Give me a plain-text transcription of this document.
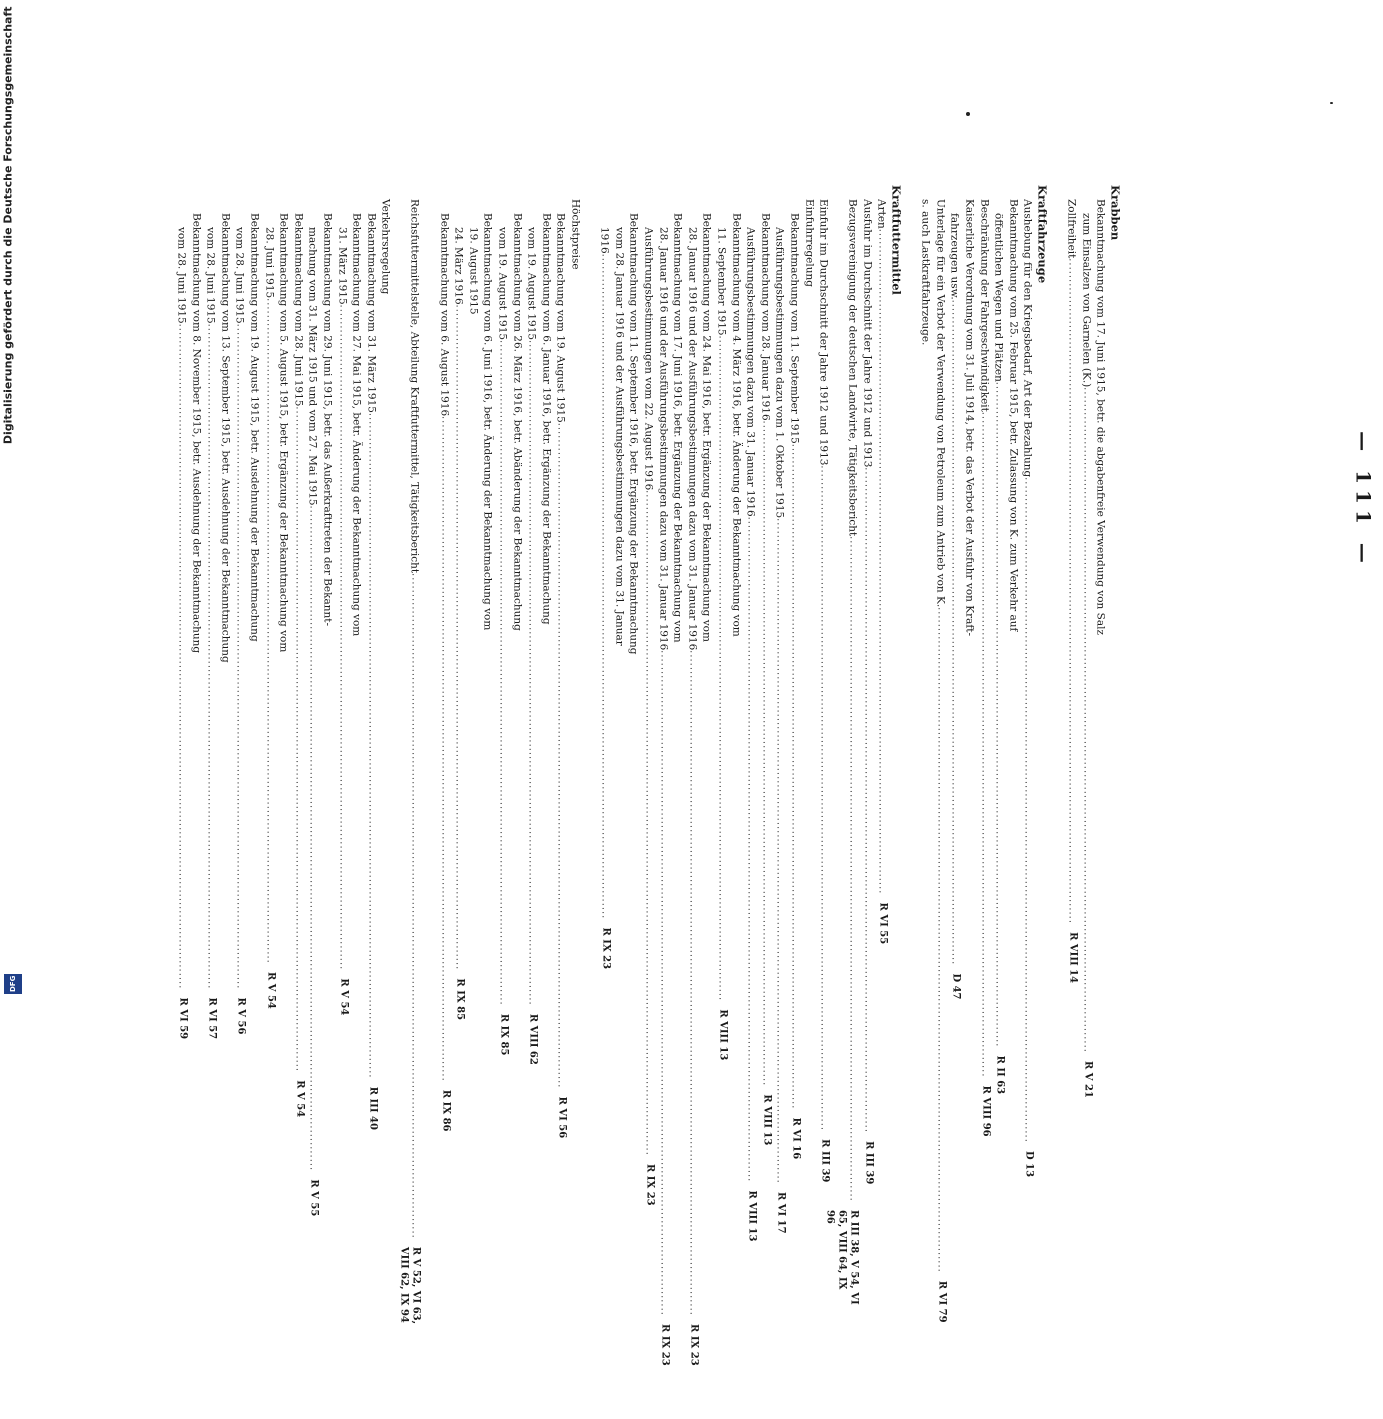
— 111 —
Krabben
Bekanntmachung vom 17. Juni 1915, betr. die abgabenfreie Verwendung von Salz
zum Einsalzen von Garnelen (K.)
................................................................................................................................................................
R V 21
Zollfreiheit
................................................................................................................................................................
R VIII 14
Kraftfahrzeuge
Aushebung für den Kriegsbedarf, Art der Bezahlung
................................................................................................................................................................
D 13
Bekanntmachung vom 25. Februar 1915, betr. Zulassung von K. zum Verkehr auf
öffentlichen Wegen und Plätzen
................................................................................................................................................................
R II 63
Beschränkung der Fahrgeschwindigkeit
................................................................................................................................................................
R VIII 96
Kaiserliche Verordnung vom 31. Juli 1914, betr. das Verbot der Ausfuhr von Kraft-
fahrzeugen usw.
................................................................................................................................................................
D 47
Unterlage für ein Verbot der Verwendung von Petroleum zum Antrieb von K.
................................................................................................................................................................
R VI 79
s. auch Lastkraftfahrzeuge.
Kraftfuttermittel
Arten
................................................................................................................................................................
R VI 55
Ausfuhr im Durchschnitt der Jahre 1912 und 1913
................................................................................................................................................................
R III 39
Bezugsvereinigung der deutschen Landwirte, Tätigkeitsbericht
................................................................................................................................................................
R III 38, V 54, VI 65, VIII 64, IX 96
Einfuhr im Durchschnitt der Jahre 1912 und 1913
................................................................................................................................................................
R III 39
Einfuhrregelung
Bekanntmachung vom 11. September 1915
................................................................................................................................................................
R VI 16
Ausführungsbestimmungen dazu vom 1. Oktober 1915
................................................................................................................................................................
R VI 17
Bekanntmachung vom 28. Januar 1916
................................................................................................................................................................
R VIII 13
Ausführungsbestimmungen dazu vom 31. Januar 1916
................................................................................................................................................................
R VIII 13
Bekanntmachung vom 4. März 1916, betr. Änderung der Bekanntmachung vom
11. September 1915
................................................................................................................................................................
R VIII 13
Bekanntmachung vom 24. Mai 1916, betr. Ergänzung der Bekanntmachung vom
28. Januar 1916 und der Ausführungsbestimmungen dazu vom 31. Januar 1916
................................................................................................................................................................
R IX 23
Bekanntmachung vom 17. Juni 1916, betr. Ergänzung der Bekanntmachung vom
28. Januar 1916 und der Ausführungsbestimmungen dazu vom 31. Januar 1916
................................................................................................................................................................
R IX 23
Ausführungsbestimmungen vom 22. August 1916
................................................................................................................................................................
R IX 23
Bekanntmachung vom 11. September 1916, betr. Ergänzung der Bekanntmachung
vom 28. Januar 1916 und der Ausführungsbestimmungen dazu vom 31. Januar
1916
................................................................................................................................................................
R IX 23
Höchstpreise
Bekanntmachung vom 19. August 1915
................................................................................................................................................................
R VI 56
Bekanntmachung vom 6. Januar 1916, betr. Ergänzung der Bekanntmachung
vom 19. August 1915
................................................................................................................................................................
R VIII 62
Bekanntmachung vom 26. März 1916, betr. Abänderung der Bekanntmachung
vom 19. August 1915
................................................................................................................................................................
R IX 85
Bekanntmachung vom 6. Juni 1916, betr. Änderung der Bekanntmachung vom
19. August 1915
24. März 1916
................................................................................................................................................................
R IX 85
Bekanntmachung vom 6. August 1916
................................................................................................................................................................
R IX 86
Reichsfuttermittelstelle, Abteilung Kraftfuttermittel, Tätigkeitsbericht
................................................................................................................................................................
R V 52, VI 63, VIII 62, IX 94
Verkehrsregelung
Bekanntmachung vom 31. März 1915
................................................................................................................................................................
R III 40
Bekanntmachung vom 27. Mai 1915, betr. Änderung der Bekanntmachung vom
31. März 1915
................................................................................................................................................................
R V 54
Bekanntmachung vom 29. Juni 1915, betr. das Außerkrafttreten der Bekannt-
machung vom 31. März 1915 und vom 27. Mai 1915
................................................................................................................................................................
R V 55
Bekanntmachung vom 28. Juni 1915
................................................................................................................................................................
R V 54
Bekanntmachung vom 5. August 1915, betr. Ergänzung der Bekanntmachung vom
28. Juni 1915
................................................................................................................................................................
R V 54
Bekanntmachung vom 19. August 1915, betr. Ausdehnung der Bekanntmachung
vom 28. Juni 1915
................................................................................................................................................................
R V 56
Bekanntmachung vom 13. September 1915, betr. Ausdehnung der Bekanntmachung
vom 28. Juni 1915
................................................................................................................................................................
R VI 57
Bekanntmachung vom 8. November 1915, betr. Ausdehnung der Bekanntmachung
vom 28. Juni 1915
................................................................................................................................................................
R VI 59
Digitalisierung gefördert durch die Deutsche Forschungsgemeinschaft
DFG
